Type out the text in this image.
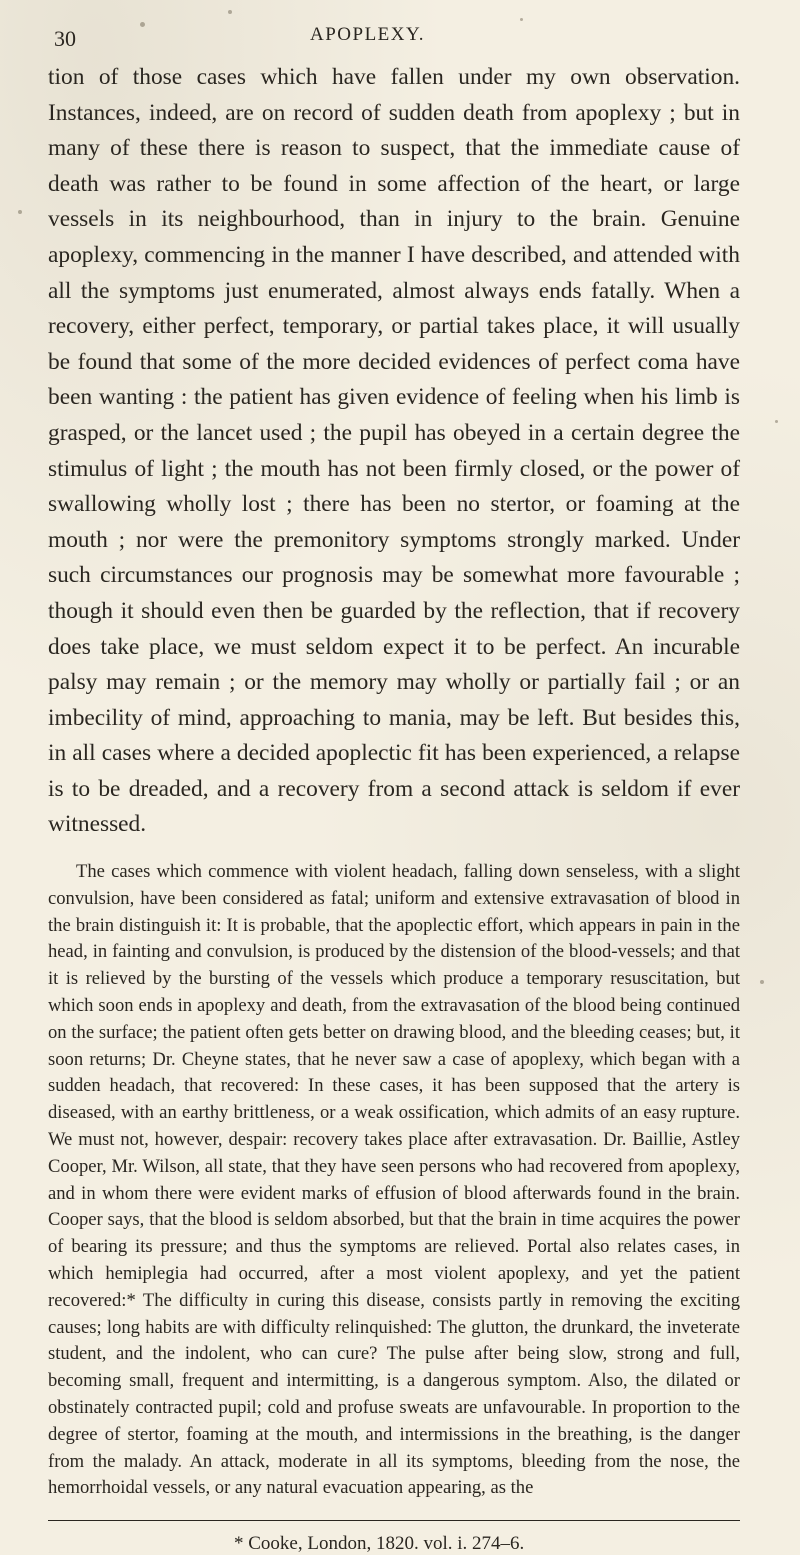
30	APOPLEXY.

tion of those cases which have fallen under my own observation. Instances, indeed, are on record of sudden death from apoplexy ; but in many of these there is reason to suspect, that the immediate cause of death was rather to be found in some affection of the heart, or large vessels in its neighbourhood, than in injury to the brain. Genuine apoplexy, commencing in the manner I have described, and attended with all the symptoms just enumerated, almost always ends fatally. When a recovery, either perfect, temporary, or partial takes place, it will usually be found that some of the more decided evidences of perfect coma have been wanting : the patient has given evidence of feeling when his limb is grasped, or the lancet used ; the pupil has obeyed in a certain degree the stimulus of light ; the mouth has not been firmly closed, or the power of swallowing wholly lost ; there has been no stertor, or foaming at the mouth ; nor were the premonitory symptoms strongly marked. Under such circumstances our prognosis may be somewhat more favourable ; though it should even then be guarded by the reflection, that if recovery does take place, we must seldom expect it to be perfect. An incurable palsy may remain ; or the memory may wholly or partially fail ; or an imbecility of mind, approaching to mania, may be left. But besides this, in all cases where a decided apoplectic fit has been experienced, a relapse is to be dreaded, and a recovery from a second attack is seldom if ever witnessed.

The cases which commence with violent headach, falling down senseless, with a slight convulsion, have been considered as fatal; uniform and extensive extravasation of blood in the brain distinguish it: It is probable, that the apoplectic effort, which appears in pain in the head, in fainting and convulsion, is produced by the distension of the blood-vessels; and that it is relieved by the bursting of the vessels which produce a temporary resuscitation, but which soon ends in apoplexy and death, from the extravasation of the blood being continued on the surface; the patient often gets better on drawing blood, and the bleeding ceases; but, it soon returns; Dr. Cheyne states, that he never saw a case of apoplexy, which began with a sudden headach, that recovered: In these cases, it has been supposed that the artery is diseased, with an earthy brittleness, or a weak ossification, which admits of an easy rupture. We must not, however, despair: recovery takes place after extravasation. Dr. Baillie, Astley Cooper, Mr. Wilson, all state, that they have seen persons who had recovered from apoplexy, and in whom there were evident marks of effusion of blood afterwards found in the brain. Cooper says, that the blood is seldom absorbed, but that the brain in time acquires the power of bearing its pressure; and thus the symptoms are relieved. Portal also relates cases, in which hemiplegia had occurred, after a most violent apoplexy, and yet the patient recovered:* The difficulty in curing this disease, consists partly in removing the exciting causes; long habits are with difficulty relinquished: The glutton, the drunkard, the inveterate student, and the indolent, who can cure? The pulse after being slow, strong and full, becoming small, frequent and intermitting, is a dangerous symptom. Also, the dilated or obstinately contracted pupil; cold and profuse sweats are unfavourable. In proportion to the degree of stertor, foaming at the mouth, and intermissions in the breathing, is the danger from the malady. An attack, moderate in all its symptoms, bleeding from the nose, the hemorrhoidal vessels, or any natural evacuation appearing, as the

* Cooke, London, 1820. vol. i. 274–6.
